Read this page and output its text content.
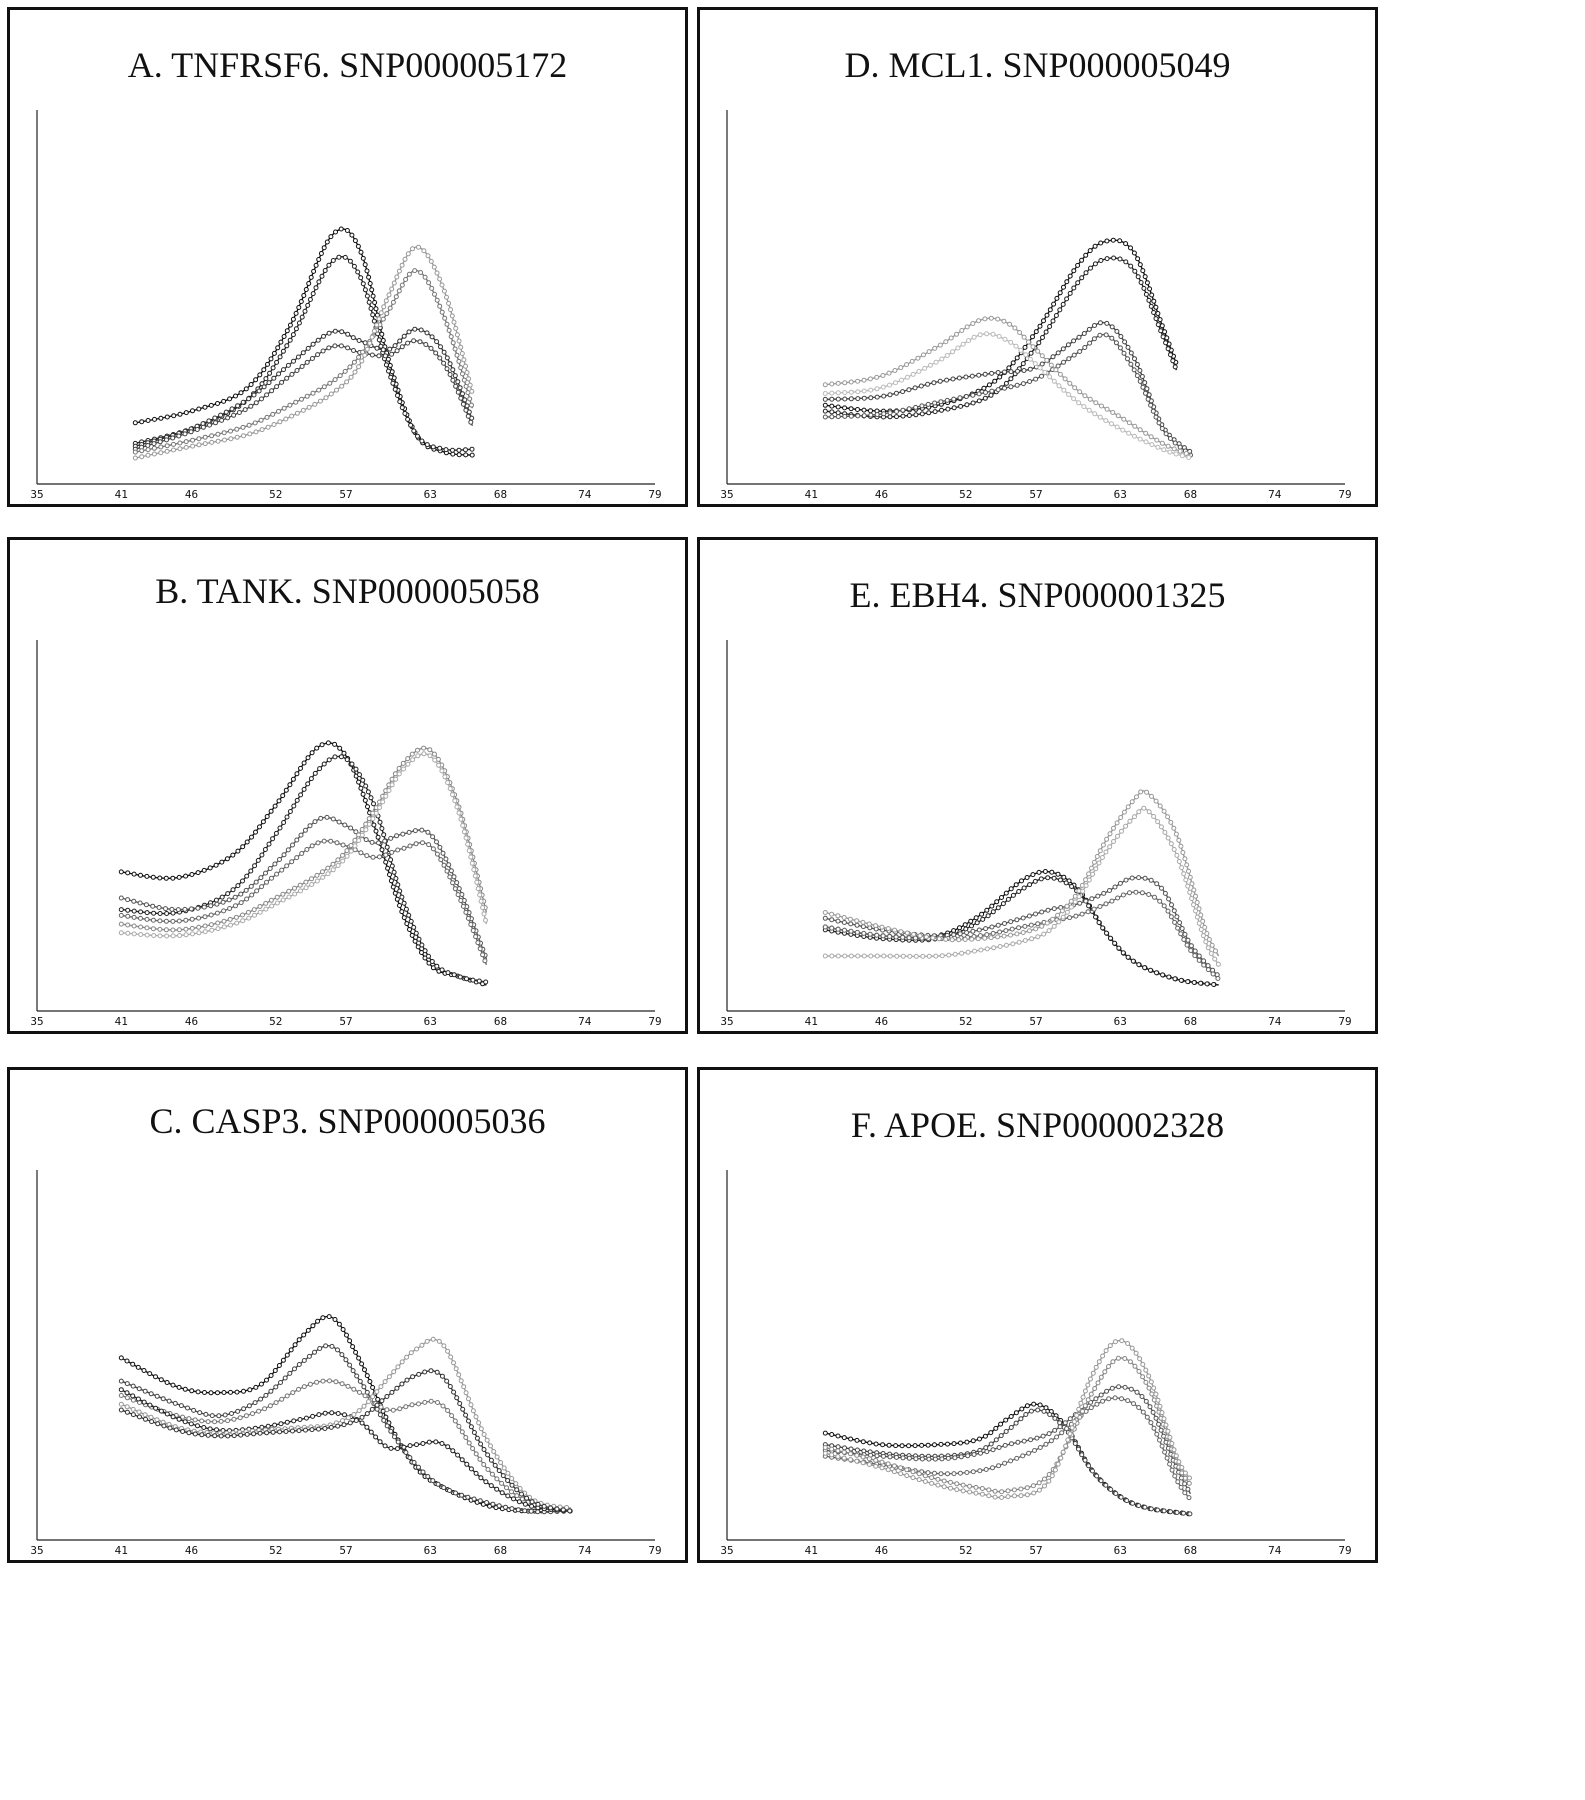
A. TNFRSF6. SNP000005172
35	41	46	52	57	63	68	74	79
D. MCL1. SNP000005049
35	41	46	52	57	63	68	74	79
B. TANK. SNP000005058
35	41	46	52	57	63	68	74	79
E. EBH4. SNP000001325
35	41	46	52	57	63	68	74	79
C. CASP3. SNP000005036
35	41	46	52	57	63	68	74	79
F. APOE. SNP000002328
35	41	46	52	57	63	68	74	79
